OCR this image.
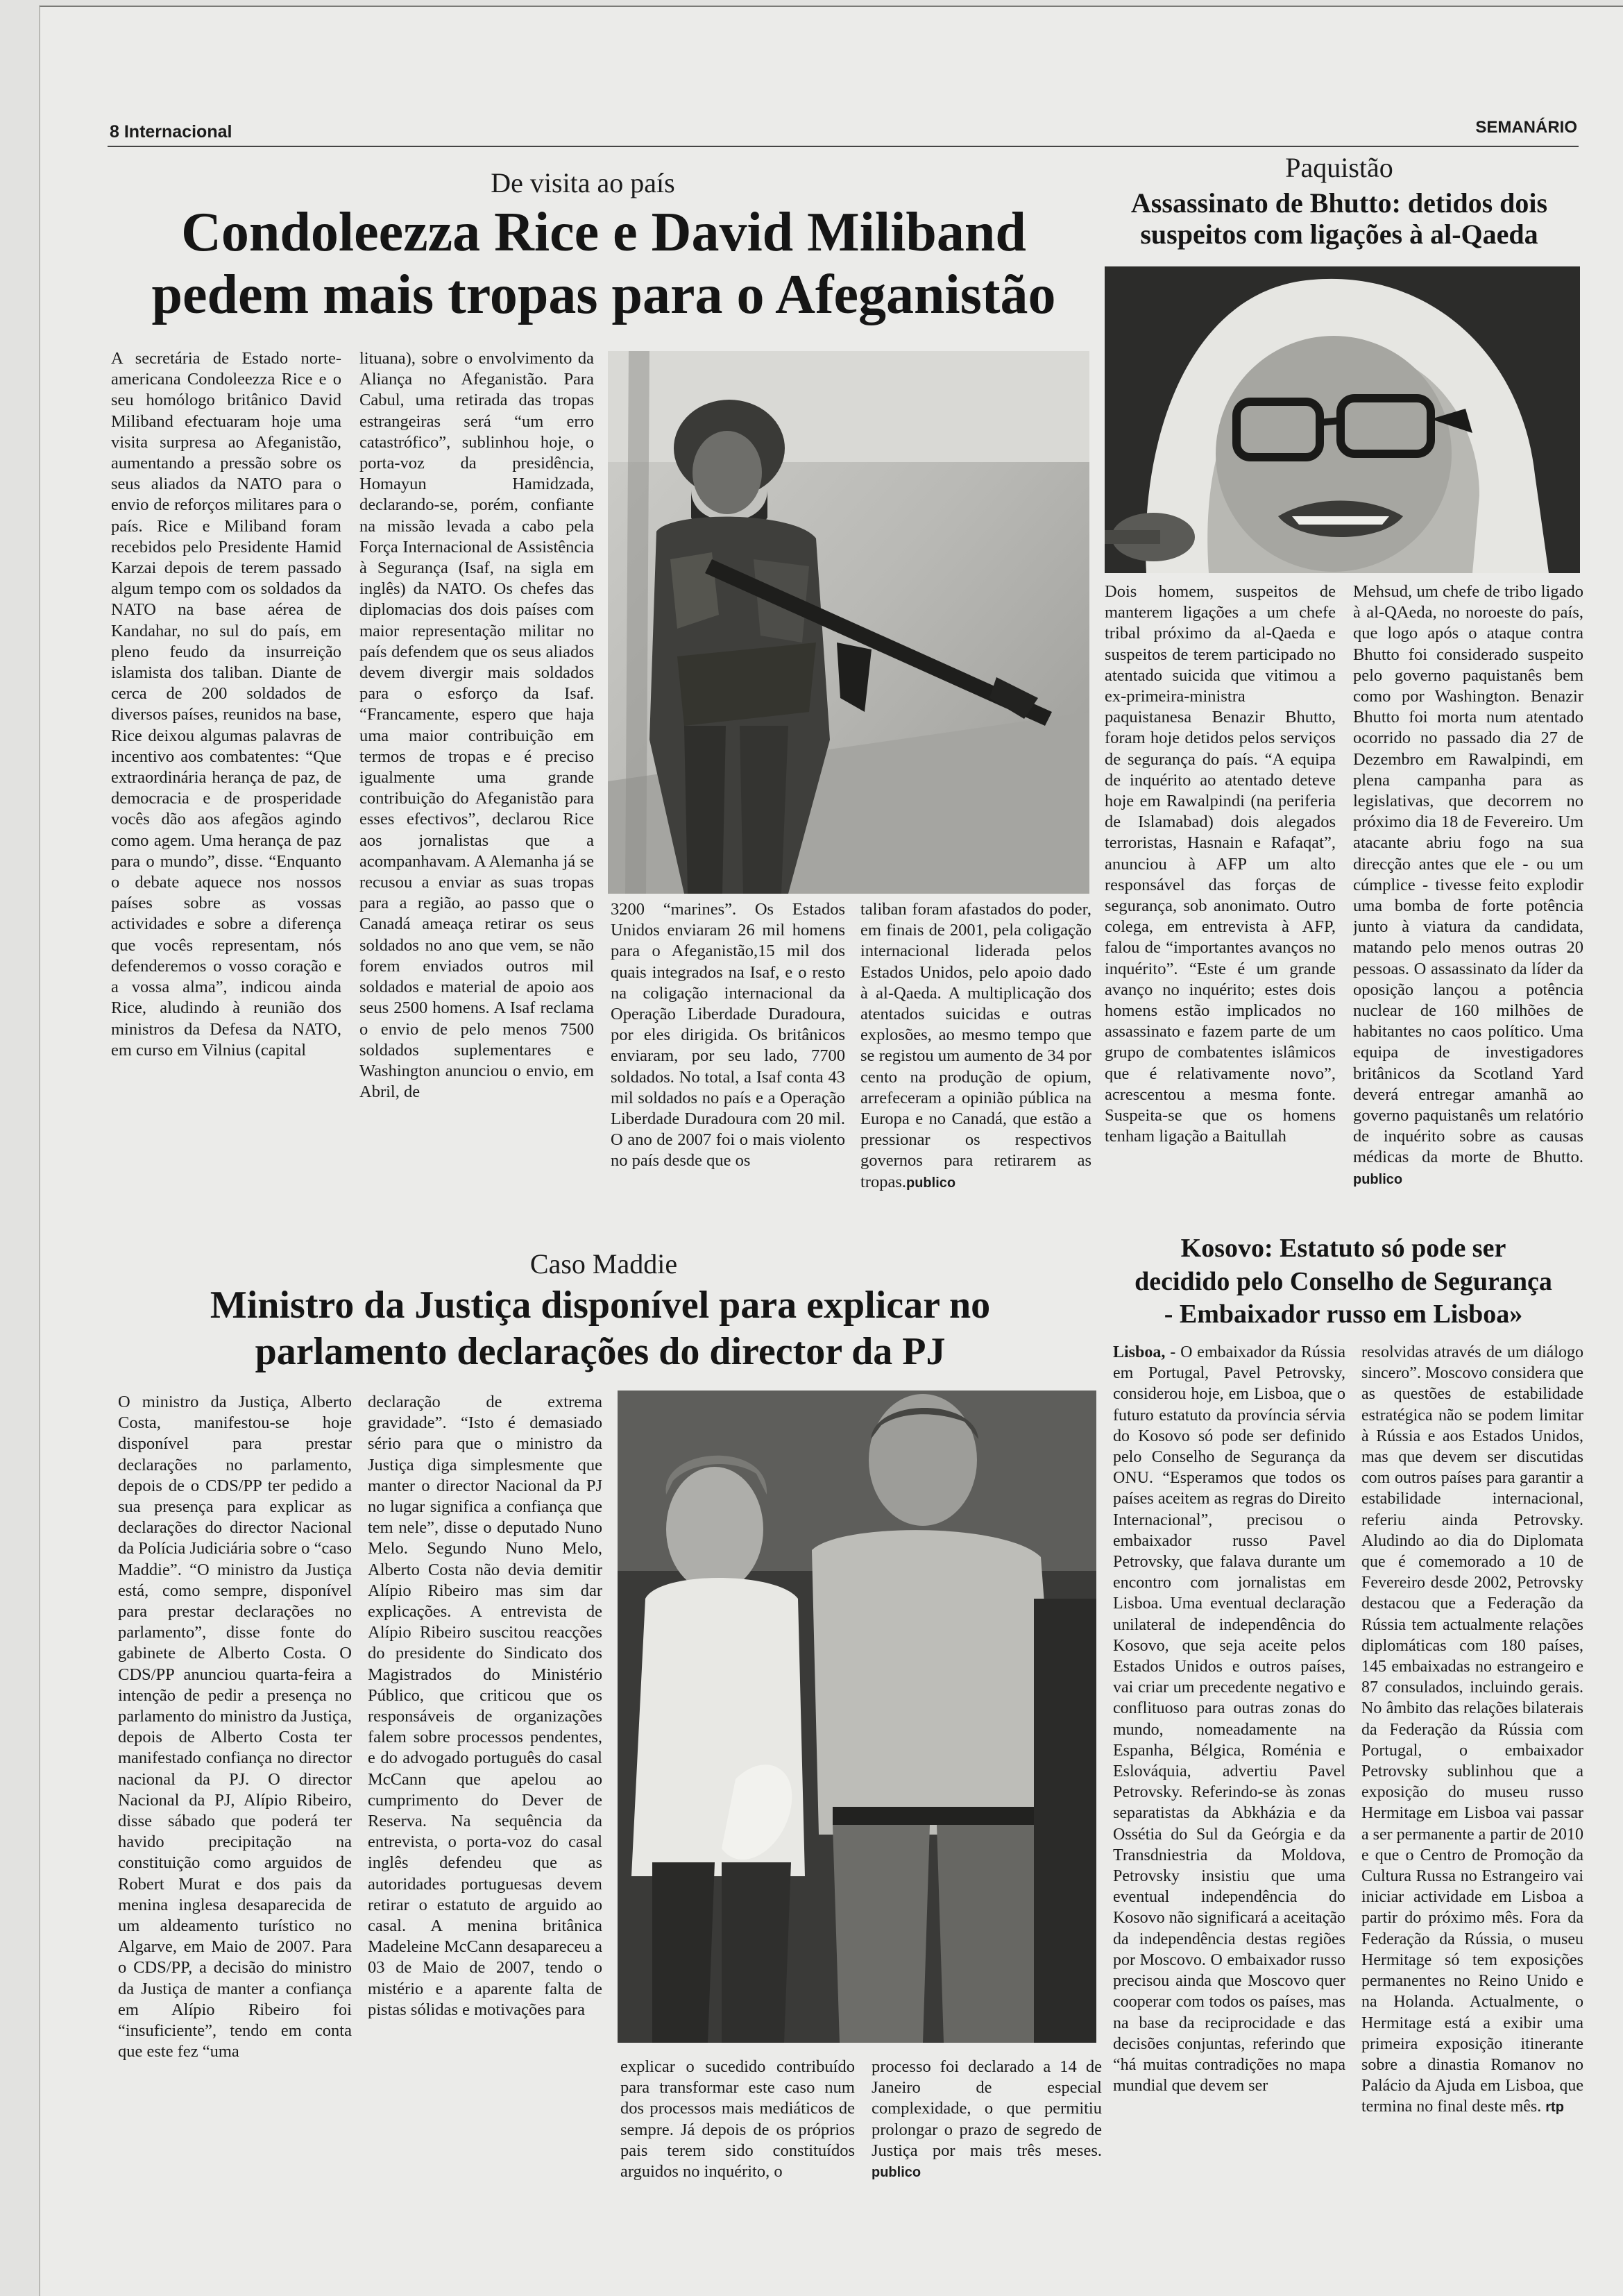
8 Internacional	SEMANÁRIO
De visita ao país
Condoleezza Rice e David Miliband
pedem mais tropas para o Afeganistão

A secretária de Estado norte-americana Condoleezza Rice e o seu homólogo britânico David Miliband efectuaram hoje uma visita surpresa ao Afeganistão, aumentando a pressão sobre os seus aliados da NATO para o envio de reforços militares para o país. Rice e Miliband foram recebidos pelo Presidente Hamid Karzai depois de terem passado algum tempo com os soldados da NATO na base aérea de Kandahar, no sul do país, em pleno feudo da insurreição islamista dos taliban. Diante de cerca de 200 soldados de diversos países, reunidos na base, Rice deixou algumas palavras de incentivo aos combatentes: “Que extraordinária herança de paz, de democracia e de prosperidade vocês dão aos afegãos agindo como agem. Uma herança de paz para o mundo”, disse. “Enquanto o debate aquece nos nossos países sobre as vossas actividades e sobre a diferença que vocês representam, nós defenderemos o vosso coração e a vossa alma”, indicou ainda Rice, aludindo à reunião dos ministros da Defesa da NATO, em curso em Vilnius (capital

lituana), sobre o envolvimento da Aliança no Afeganistão. Para Cabul, uma retirada das tropas estrangeiras será “um erro catastrófico”, sublinhou hoje, o porta-voz da presidência, Homayun Hamidzada, declarando-se, porém, confiante na missão levada a cabo pela Força Internacional de Assistência à Segurança (Isaf, na sigla em inglês) da NATO. Os chefes das diplomacias dos dois países com maior representação militar no país defendem que os seus aliados devem divergir mais soldados para o esforço da Isaf. “Francamente, espero que haja uma maior contribuição em termos de tropas e é preciso igualmente uma grande contribuição do Afeganistão para esses efectivos”, declarou Rice aos jornalistas que a acompanhavam. A Alemanha já se recusou a enviar as suas tropas para a região, ao passo que o Canadá ameaça retirar os seus soldados no ano que vem, se não forem enviados outros mil soldados e material de apoio aos seus 2500 homens. A Isaf reclama o envio de pelo menos 7500 soldados suplementares e Washington anunciou o envio, em Abril, de

3200 “marines”. Os Estados Unidos enviaram 26 mil homens para o Afeganistão,15 mil dos quais integrados na Isaf, e o resto na coligação internacional da Operação Liberdade Duradoura, por eles dirigida. Os britânicos enviaram, por seu lado, 7700 soldados. No total, a Isaf conta 43 mil soldados no país e a Operação Liberdade Duradoura com 20 mil. O ano de 2007 foi o mais violento no país desde que os

taliban foram afastados do poder, em finais de 2001, pela coligação internacional liderada pelos Estados Unidos, pelo apoio dado à al-Qaeda. A multiplicação dos atentados suicidas e outras explosões, ao mesmo tempo que se registou um aumento de 34 por cento na produção de opium, arrefeceram a opinião pública na Europa e no Canadá, que estão a pressionar os respectivos governos para retirarem as tropas.publico

Paquistão
Assassinato de Bhutto: detidos dois
suspeitos com ligações à al-Qaeda

Dois homem, suspeitos de manterem ligações a um chefe tribal próximo da al-Qaeda e suspeitos de terem participado no atentado suicida que vitimou a ex-primeira-ministra paquistanesa Benazir Bhutto, foram hoje detidos pelos serviços de segurança do país. “A equipa de inquérito ao atentado deteve hoje em Rawalpindi (na periferia de Islamabad) dois alegados terroristas, Hasnain e Rafaqat”, anunciou à AFP um alto responsável das forças de segurança, sob anonimato. Outro colega, em entrevista à AFP, falou de “importantes avanços no inquérito”. “Este é um grande avanço no inquérito; estes dois homens estão implicados no assassinato e fazem parte de um grupo de combatentes islâmicos que é relativamente novo”, acrescentou a mesma fonte. Suspeita-se que os homens tenham ligação a Baitullah

Mehsud, um chefe de tribo ligado à al-QAeda, no noroeste do país, que logo após o ataque contra Bhutto foi considerado suspeito pelo governo paquistanês bem como por Washington. Benazir Bhutto foi morta num atentado ocorrido no passado dia 27 de Dezembro em Rawalpindi, em plena campanha para as legislativas, que decorrem no próximo dia 18 de Fevereiro. Um atacante abriu fogo na sua direcção antes que ele - ou um cúmplice - tivesse feito explodir uma bomba de forte potência junto à viatura da candidata, matando pelo menos outras 20 pessoas. O assassinato da líder da oposição lançou a potência nuclear de 160 milhões de habitantes no caos político. Uma equipa de investigadores britânicos da Scotland Yard deverá entregar amanhã ao governo paquistanês um relatório de inquérito sobre as causas médicas da morte de Bhutto. publico

Caso Maddie
Ministro da Justiça disponível para explicar no
parlamento declarações do director da PJ

O ministro da Justiça, Alberto Costa, manifestou-se hoje disponível para prestar declarações no parlamento, depois de o CDS/PP ter pedido a sua presença para explicar as declarações do director Nacional da Polícia Judiciária sobre o “caso Maddie”. “O ministro da Justiça está, como sempre, disponível para prestar declarações no parlamento”, disse fonte do gabinete de Alberto Costa. O CDS/PP anunciou quarta-feira a intenção de pedir a presença no parlamento do ministro da Justiça, depois de Alberto Costa ter manifestado confiança no director nacional da PJ. O director Nacional da PJ, Alípio Ribeiro, disse sábado que poderá ter havido precipitação na constituição como arguidos de Robert Murat e dos pais da menina inglesa desaparecida de um aldeamento turístico no Algarve, em Maio de 2007. Para o CDS/PP, a decisão do ministro da Justiça de manter a confiança em Alípio Ribeiro foi “insuficiente”, tendo em conta que este fez “uma

declaração de extrema gravidade”. “Isto é demasiado sério para que o ministro da Justiça diga simplesmente que manter o director Nacional da PJ no lugar significa a confiança que tem nele”, disse o deputado Nuno Melo. Segundo Nuno Melo, Alberto Costa não devia demitir Alípio Ribeiro mas sim dar explicações. A entrevista de Alípio Ribeiro suscitou reacções do presidente do Sindicato dos Magistrados do Ministério Público, que criticou que os responsáveis de organizações falem sobre processos pendentes, e do advogado português do casal McCann que apelou ao cumprimento do Dever de Reserva. Na sequência da entrevista, o porta-voz do casal inglês defendeu que as autoridades portuguesas devem retirar o estatuto de arguido ao casal. A menina britânica Madeleine McCann desapareceu a 03 de Maio de 2007, tendo o mistério e a aparente falta de pistas sólidas e motivações para

explicar o sucedido contribuído para transformar este caso num dos processos mais mediáticos de sempre. Já depois de os próprios pais terem sido constituídos arguidos no inquérito, o

processo foi declarado a 14 de Janeiro de especial complexidade, o que permitiu prolongar o prazo de segredo de Justiça por mais três meses. publico

Kosovo: Estatuto só pode ser
decidido pelo Conselho de Segurança
- Embaixador russo em Lisboa»

Lisboa, - O embaixador da Rússia em Portugal, Pavel Petrovsky, considerou hoje, em Lisboa, que o futuro estatuto da província sérvia do Kosovo só pode ser definido pelo Conselho de Segurança da ONU. “Esperamos que todos os países aceitem as regras do Direito Internacional”, precisou o embaixador russo Pavel Petrovsky, que falava durante um encontro com jornalistas em Lisboa. Uma eventual declaração unilateral de independência do Kosovo, que seja aceite pelos Estados Unidos e outros países, vai criar um precedente negativo e conflituoso para outras zonas do mundo, nomeadamente na Espanha, Bélgica, Roménia e Eslováquia, advertiu Pavel Petrovsky. Referindo-se às zonas separatistas da Abkházia e da Ossétia do Sul da Geórgia e da Transdniestria da Moldova, Petrovsky insistiu que uma eventual independência do Kosovo não significará a aceitação da independência destas regiões por Moscovo. O embaixador russo precisou ainda que Moscovo quer cooperar com todos os países, mas na base da reciprocidade e das decisões conjuntas, referindo que “há muitas contradições no mapa mundial que devem ser

resolvidas através de um diálogo sincero”. Moscovo considera que as questões de estabilidade estratégica não se podem limitar à Rússia e aos Estados Unidos, mas que devem ser discutidas com outros países para garantir a estabilidade internacional, referiu ainda Petrovsky. Aludindo ao dia do Diplomata que é comemorado a 10 de Fevereiro desde 2002, Petrovsky destacou que a Federação da Rússia tem actualmente relações diplomáticas com 180 países, 145 embaixadas no estrangeiro e 87 consulados, incluindo gerais. No âmbito das relações bilaterais da Federação da Rússia com Portugal, o embaixador Petrovsky sublinhou que a exposição do museu russo Hermitage em Lisboa vai passar a ser permanente a partir de 2010 e que o Centro de Promoção da Cultura Russa no Estrangeiro vai iniciar actividade em Lisboa a partir do próximo mês. Fora da Federação da Rússia, o museu Hermitage só tem exposições permanentes no Reino Unido e na Holanda. Actualmente, o Hermitage está a exibir uma primeira exposição itinerante sobre a dinastia Romanov no Palácio da Ajuda em Lisboa, que termina no final deste mês. rtp
